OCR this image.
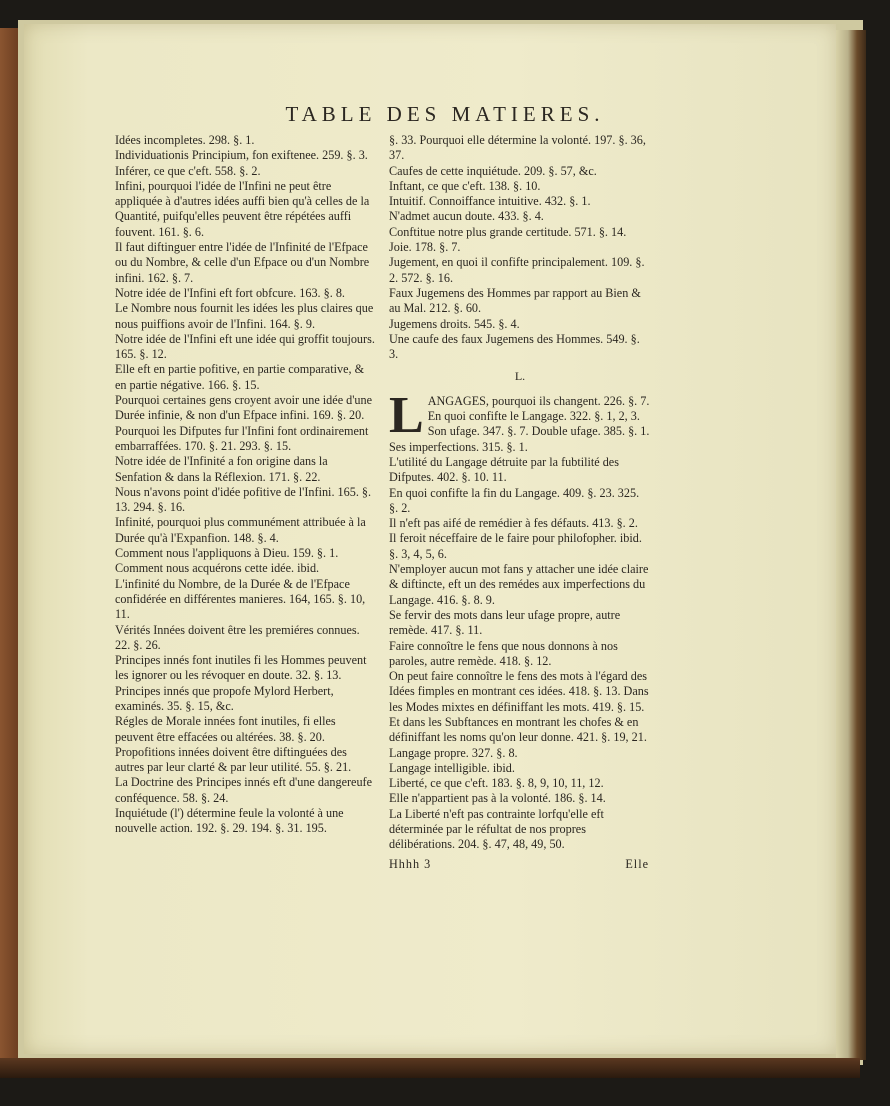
TABLE DES MATIERES.

Idées incompletes. 298. §. 1.

Individuationis Principium, fon exiftenee. 259. §. 3.

Inférer, ce que c'eft. 558. §. 2.

Infini, pourquoi l'idée de l'Infini ne peut être appliquée à d'autres idées auffi bien qu'à celles de la Quantité, puifqu'elles peuvent être répétées auffi fouvent. 161. §. 6.

Il faut diftinguer entre l'idée de l'Infinité de l'Efpace ou du Nombre, & celle d'un Efpace ou d'un Nombre infini. 162. §. 7.

Notre idée de l'Infini eft fort obfcure. 163. §. 8.

Le Nombre nous fournit les idées les plus claires que nous puiffions avoir de l'Infini. 164. §. 9.

Notre idée de l'Infini eft une idée qui groffit toujours. 165. §. 12.

Elle eft en partie pofitive, en partie comparative, & en partie négative. 166. §. 15.

Pourquoi certaines gens croyent avoir une idée d'une Durée infinie, & non d'un Efpace infini. 169. §. 20.

Pourquoi les Difputes fur l'Infini font ordinairement embarraffées. 170. §. 21. 293. §. 15.

Notre idée de l'Infinité a fon origine dans la Senfation & dans la Réflexion. 171. §. 22.

Nous n'avons point d'idée pofitive de l'Infini. 165. §. 13. 294. §. 16.

Infinité, pourquoi plus communément attribuée à la Durée qu'à l'Expanfion. 148. §. 4.

Comment nous l'appliquons à Dieu. 159. §. 1.

Comment nous acquérons cette idée. ibid.

L'infinité du Nombre, de la Durée & de l'Efpace confidérée en différentes manieres. 164, 165. §. 10, 11.

Vérités Innées doivent être les premiéres connues. 22. §. 26.

Principes innés font inutiles fi les Hommes peuvent les ignorer ou les révoquer en doute. 32. §. 13.

Principes innés que propofe Mylord Herbert, examinés. 35. §. 15, &c.

Régles de Morale innées font inutiles, fi elles peuvent être effacées ou altérées. 38. §. 20.

Propofitions innées doivent être diftinguées des autres par leur clarté & par leur utilité. 55. §. 21.

La Doctrine des Principes innés eft d'une dangereufe conféquence. 58. §. 24.

Inquiétude (l') détermine feule la volonté à une nouvelle action. 192. §. 29. 194. §. 31. 195.

§. 33. Pourquoi elle détermine la volonté. 197. §. 36, 37.

Caufes de cette inquiétude. 209. §. 57, &c.

Inftant, ce que c'eft. 138. §. 10.

Intuitif. Connoiffance intuitive. 432. §. 1.

N'admet aucun doute. 433. §. 4.

Conftitue notre plus grande certitude. 571. §. 14.

Joie. 178. §. 7.

Jugement, en quoi il confifte principalement. 109. §. 2. 572. §. 16.

Faux Jugemens des Hommes par rapport au Bien & au Mal. 212. §. 60.

Jugemens droits. 545. §. 4.

Une caufe des faux Jugemens des Hommes. 549. §. 3.

L.

LANGAGES, pourquoi ils changent. 226. §. 7.

En quoi confifte le Langage. 322. §. 1, 2, 3.

Son ufage. 347. §. 7. Double ufage. 385. §. 1.

Ses imperfections. 315. §. 1.

L'utilité du Langage détruite par la fubtilité des Difputes. 402. §. 10. 11.

En quoi confifte la fin du Langage. 409. §. 23. 325. §. 2.

Il n'eft pas aifé de remédier à fes défauts. 413. §. 2.

Il feroit néceffaire de le faire pour philofopher. ibid. §. 3, 4, 5, 6.

N'employer aucun mot fans y attacher une idée claire & diftincte, eft un des remédes aux imperfections du Langage. 416. §. 8. 9.

Se fervir des mots dans leur ufage propre, autre remède. 417. §. 11.

Faire connoître le fens que nous donnons à nos paroles, autre remède. 418. §. 12.

On peut faire connoître le fens des mots à l'égard des Idées fimples en montrant ces idées. 418. §. 13. Dans les Modes mixtes en définiffant les mots. 419. §. 15. Et dans les Subftances en montrant les chofes & en définiffant les noms qu'on leur donne. 421. §. 19, 21.

Langage propre. 327. §. 8.

Langage intelligible. ibid.

Liberté, ce que c'eft. 183. §. 8, 9, 10, 11, 12.

Elle n'appartient pas à la volonté. 186. §. 14.

La Liberté n'eft pas contrainte lorfqu'elle eft déterminée par le réfultat de nos propres délibérations. 204. §. 47, 48, 49, 50.

Hhhh 3	Elle
